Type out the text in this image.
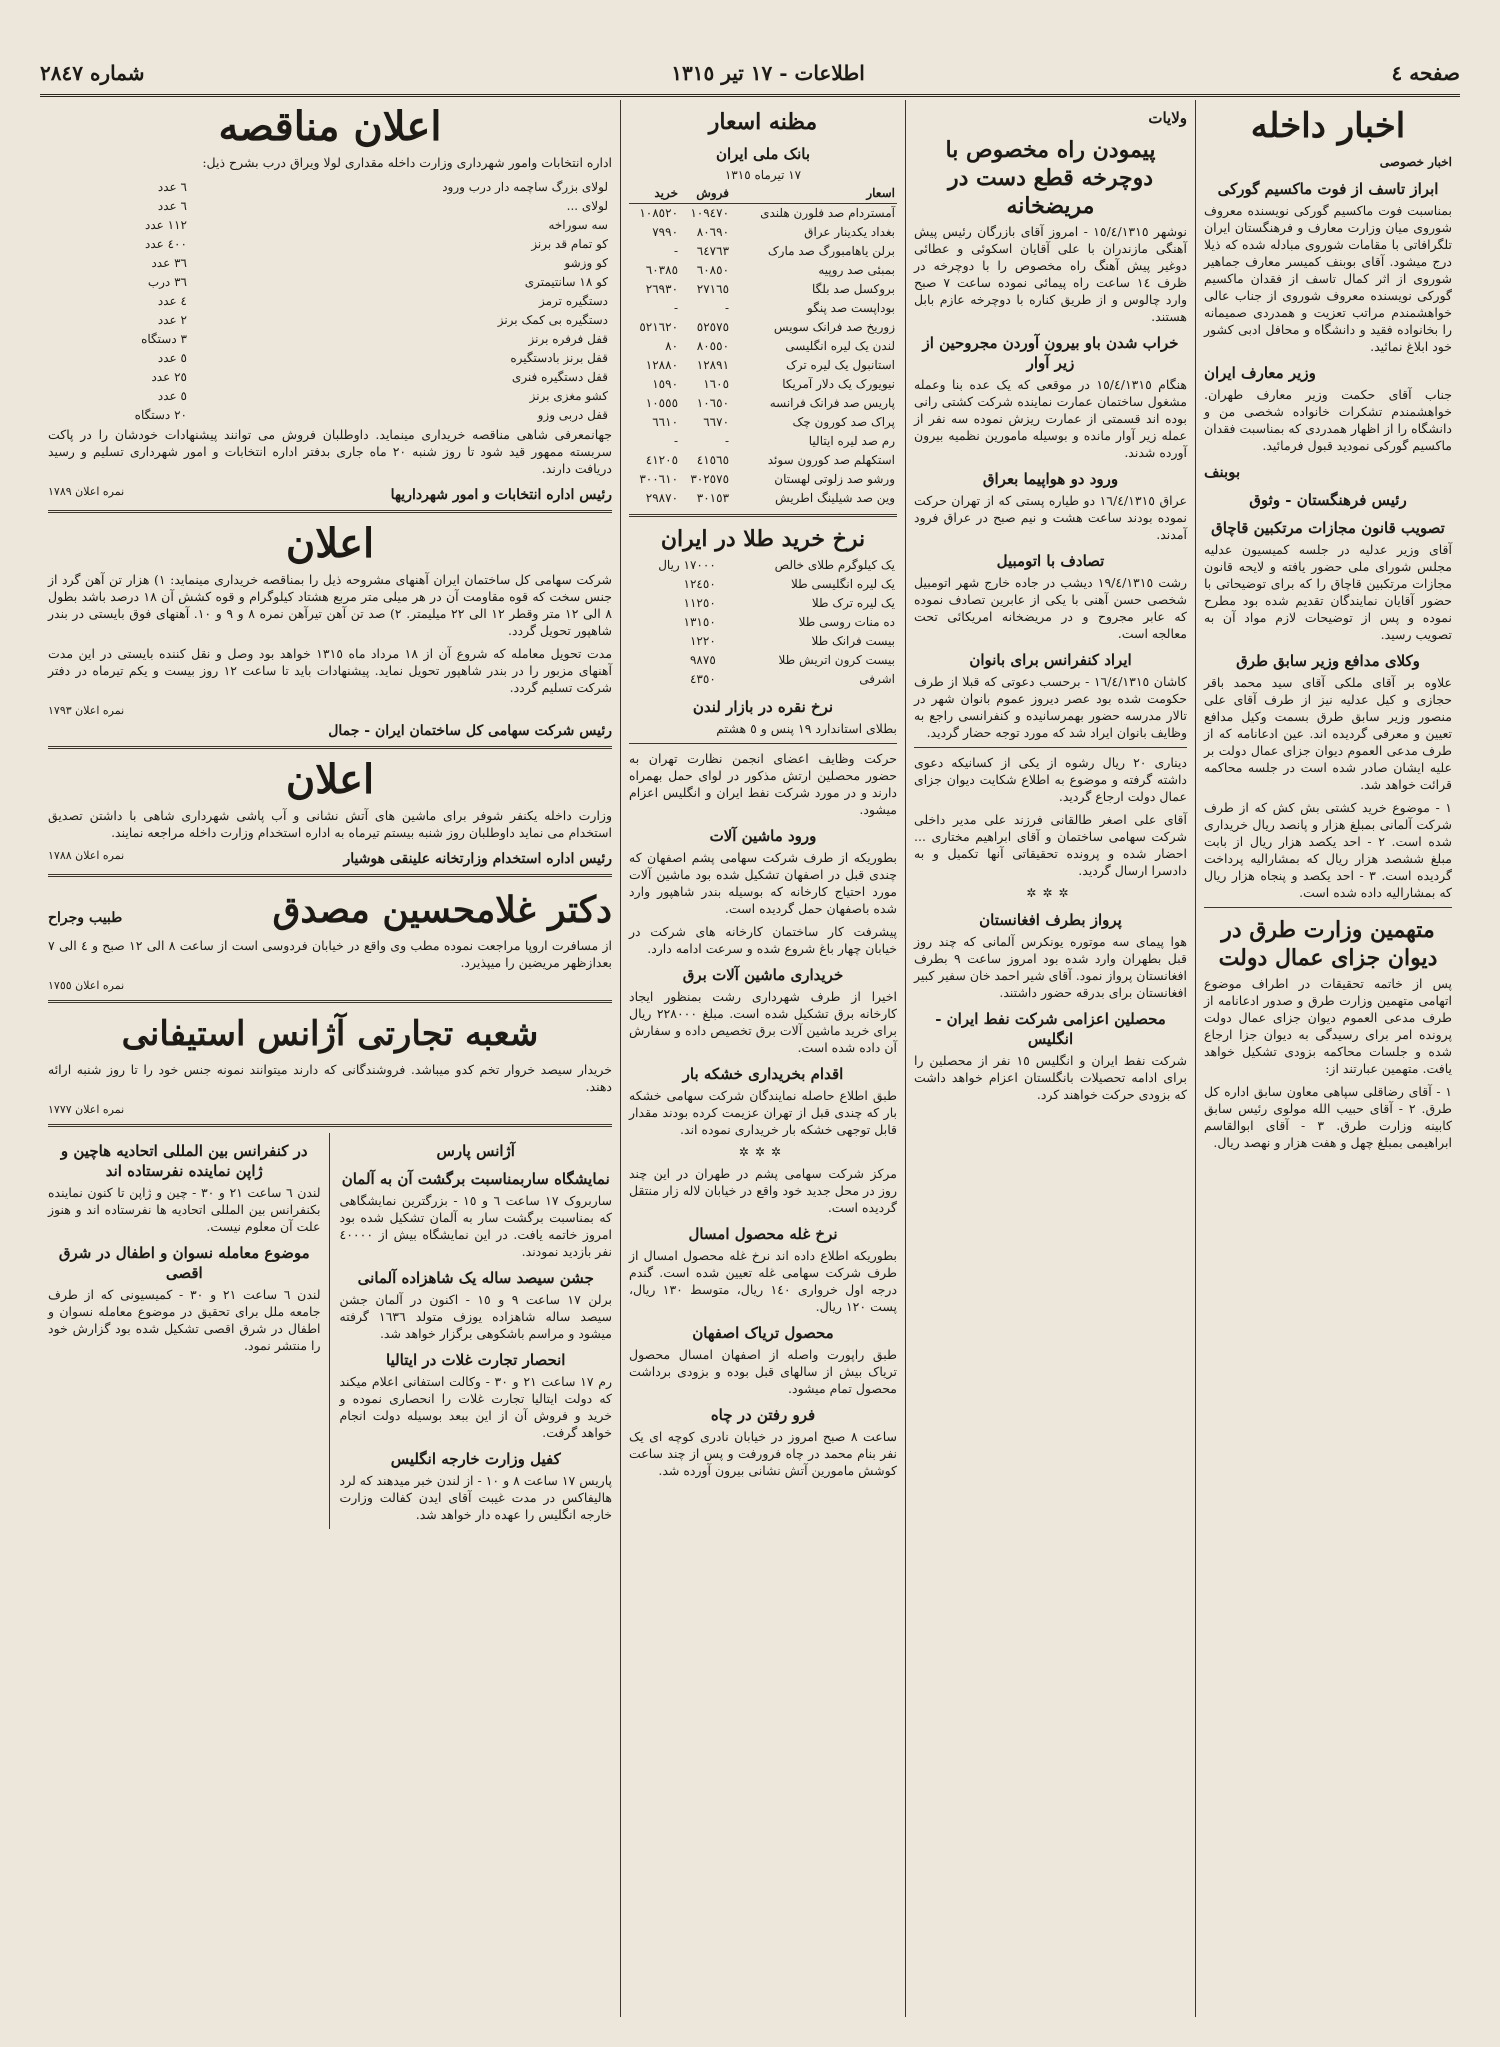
صفحه ٤
اطلاعات - ١٧ تیر ١٣١٥
شماره ٢٨٤٧
اخبار داخله
اخبار خصوصی
ابراز تاسف از فوت ماکسیم گورکی

بمناسبت فوت ماکسیم گورکی نویسنده معروف شوروی میان وزارت معارف و فرهنگستان ایران تلگرافاتی با مقامات شوروی مبادله شده که ذیلا درج میشود. آقای بوبنف کمیسر معارف جماهیر شوروی از اثر کمال تاسف از فقدان ماکسیم گورکی نویسنده معروف شوروی از جناب عالی خواهشمندم مراتب تعزیت و همدردی صمیمانه را بخانواده فقید و دانشگاه و محافل ادبی کشور خود ابلاغ نمائید.

وزیر معارف ایران

جناب آقای حکمت وزیر معارف طهران. خواهشمندم تشکرات خانواده شخصی من و دانشگاه را از اظهار همدردی که بمناسبت فقدان ماکسیم گورکی نمودید قبول فرمائید.

بوبنف
رئیس فرهنگستان - وثوق
تصویب قانون مجازات مرتکبین قاچاق

آقای وزیر عدلیه در جلسه کمیسیون عدلیه مجلس شورای ملی حضور یافته و لایحه قانون مجازات مرتکبین قاچاق را که برای توضیحاتی با حضور آقایان نمایندگان تقدیم شده بود مطرح نموده و پس از توضیحات لازم مواد آن به تصویب رسید.

وکلای مدافع وزیر سابق طرق

علاوه بر آقای ملکی آقای سید محمد باقر حجازی و کیل عدلیه نیز از طرف آقای علی منصور وزیر سابق طرق بسمت وکیل مدافع تعیین و معرفی گردیده اند. عین ادعانامه که از طرف مدعی العموم دیوان جزای عمال دولت بر علیه ایشان صادر شده است در جلسه محاکمه قرائت خواهد شد.

١ - موضوع خرید کشتی بش کش که از طرف شرکت آلمانی بمبلغ هزار و پانصد ریال خریداری شده است. ٢ - احد یکصد هزار ریال از بابت مبلغ ششصد هزار ریال که بمشارالیه پرداخت گردیده است. ٣ - احد یکصد و پنجاه هزار ریال که بمشارالیه داده شده است.

متهمین وزارت طرق در دیوان جزای عمال دولت

پس از خاتمه تحقیقات در اطراف موضوع اتهامی متهمین وزارت طرق و صدور ادعانامه از طرف مدعی العموم دیوان جزای عمال دولت پرونده امر برای رسیدگی به دیوان جزا ارجاع شده و جلسات محاکمه بزودی تشکیل خواهد یافت. متهمین عبارتند از:

١ - آقای رضاقلی سپاهی معاون سابق اداره کل طرق. ٢ - آقای حبیب الله مولوی رئیس سابق کابینه وزارت طرق. ٣ - آقای ابوالقاسم ابراهیمی بمبلغ چهل و هفت هزار و نهصد ریال.

ولایات
پیمودن راه مخصوص با دوچرخه قطع دست در مریضخانه

نوشهر ١٥/٤/١٣١٥ - امروز آقای بازرگان رئیس پیش آهنگی مازندران با علی آقایان اسکوئی و عطائی دوغیر پیش آهنگ راه مخصوص را با دوچرخه در ظرف ١٤ ساعت راه پیمائی نموده ساعت ٧ صبح وارد چالوس و از طریق کناره با دوچرخه عازم بابل هستند.

خراب شدن باو بیرون آوردن مجروحین از زیر آوار

هنگام ١٥/٤/١٣١٥ در موقعی که یک عده بنا وعمله مشغول ساختمان عمارت نماینده شرکت کشتی رانی بوده اند قسمتی از عمارت ریزش نموده سه نفر از عمله زیر آوار مانده و بوسیله مامورین نظمیه بیرون آورده شدند.

ورود دو هواپیما بعراق

عراق ١٦/٤/١٣١٥ دو طیاره پستی که از تهران حرکت نموده بودند ساعت هشت و نیم صبح در عراق فرود آمدند.

تصادف با اتومبیل

رشت ١٩/٤/١٣١٥ دیشب در جاده خارج شهر اتومبیل شخصی حسن آهنی با یکی از عابرین تصادف نموده که عابر مجروح و در مریضخانه امریکائی تحت معالجه است.

ایراد کنفرانس برای بانوان

کاشان ١٦/٤/١٣١٥ - برحسب دعوتی که قبلا از طرف حکومت شده بود عصر دیروز عموم بانوان شهر در تالار مدرسه حضور بهمرسانیده و کنفرانسی راجع به وظایف بانوان ایراد شد که مورد توجه حضار گردید.

دیناری ٢٠ ریال رشوه از یکی از کسانیکه دعوی داشته گرفته و موضوع به اطلاع شکایت دیوان جزای عمال دولت ارجاع گردید.

آقای علی اصغر طالقانی فرزند علی مدیر داخلی شرکت سهامی ساختمان و آقای ابراهیم مختاری ... احضار شده و پرونده تحقیقاتی آنها تکمیل و به دادسرا ارسال گردید.

✲✲✲
پرواز بطرف افغانستان

هوا پیمای سه موتوره یونکرس آلمانی که چند روز قبل بطهران وارد شده بود امروز ساعت ٩ بطرف افغانستان پرواز نمود. آقای شیر احمد خان سفیر کبیر افغانستان برای بدرقه حضور داشتند.

محصلین اعزامی شرکت نفط ایران - انگلیس

شرکت نفط ایران و انگلیس ١٥ نفر از محصلین را برای ادامه تحصیلات بانگلستان اعزام خواهد داشت که بزودی حرکت خواهند کرد.

مظنه اسعار
بانک ملی ایران
١٧ تیرماه ١٣١٥
اسعار	فروش	خرید
آمستردام صد فلورن هلندی	١٠٩٤٧٠	١٠٨٥٢٠
بغداد یکدینار عراق	٨٠٦٩٠	٧٩٩٠
برلن یاهامبورگ صد مارک	٦٤٧٦٣	-
بمبئی صد روپیه	٦٠٨٥٠	٦٠٣٨٥
بروکسل صد بلگا	٢٧١٦٥	٢٦٩٣٠
بوداپست صد پنگو	-	-
زوریخ صد فرانک سویس	٥٢٥٧٥	٥٢١٦٢٠
لندن یک لیره انگلیسی	٨٠٥٥٠	٨٠
استانبول یک لیره ترک	١٢٨٩١	١٢٨٨٠
نیویورک یک دلار آمریکا	١٦٠٥	١٥٩٠
پاریس صد فرانک فرانسه	١٠٦٥٠	١٠٥٥٥
پراک صد کورون چک	٦٦٧٠	٦٦١٠
رم صد لیره ایتالیا	-	-
استکهلم صد کورون سوئد	٤١٥٦٥	٤١٢٠٥
ورشو صد زلوتی لهستان	٣٠٢٥٧٥	٣٠٠٦١٠
وین صد شیلینگ اطریش	٣٠١٥٣	٢٩٨٧٠
نرخ خرید طلا در ایران
یک کیلوگرم طلای خالص	١٧٠٠٠ ریال
یک لیره انگلیسی طلا	١٢٤٥٠
یک لیره ترک طلا	١١٢٥٠
ده منات روسی طلا	١٣١٥٠
بیست فرانک طلا	١٢٢٠
بیست کرون اتریش طلا	٩٨٧٥
اشرفی	٤٣٥٠
نرخ نقره در بازار لندن

بطلای استاندارد ١٩ پنس و ٥ هشتم

حرکت وظایف اعضای انجمن نظارت تهران به حضور محصلین ارتش مذکور در لوای حمل بهمراه دارند و در مورد شرکت نفط ایران و انگلیس اعزام میشود.

ورود ماشین آلات

بطوریکه از طرف شرکت سهامی پشم اصفهان که چندی قبل در اصفهان تشکیل شده بود ماشین آلات مورد احتیاج کارخانه که بوسیله بندر شاهپور وارد شده باصفهان حمل گردیده است.

پیشرفت کار ساختمان کارخانه های شرکت در خیابان چهار باغ شروع شده و سرعت ادامه دارد.

خریداری ماشین آلات برق

اخیرا از طرف شهرداری رشت بمنظور ایجاد کارخانه برق تشکیل شده است. مبلغ ٢٢٨٠٠٠ ریال برای خرید ماشین آلات برق تخصیص داده و سفارش آن داده شده است.

اقدام بخریداری خشکه بار

طبق اطلاع حاصله نمایندگان شرکت سهامی خشکه بار که چندی قبل از تهران عزیمت کرده بودند مقدار قابل توجهی خشکه بار خریداری نموده اند.

✲✲✲

مرکز شرکت سهامی پشم در طهران در این چند روز در محل جدید خود واقع در خیابان لاله زار منتقل گردیده است.

نرخ غله محصول امسال

بطوریکه اطلاع داده اند نرخ غله محصول امسال از طرف شرکت سهامی غله تعیین شده است. گندم درجه اول خرواری ١٤٠ ریال، متوسط ١٣٠ ریال، پست ١٢٠ ریال.

محصول تریاک اصفهان

طبق راپورت واصله از اصفهان امسال محصول تریاک بیش از سالهای قبل بوده و بزودی برداشت محصول تمام میشود.

فرو رفتن در چاه

ساعت ٨ صبح امروز در خیابان نادری کوچه ای یک نفر بنام محمد در چاه فرورفت و پس از چند ساعت کوشش مامورین آتش نشانی بیرون آورده شد.

اعلان مناقصه

اداره انتخابات وامور شهرداری وزارت داخله مقداری لولا ویراق درب بشرح ذیل:

لولای بزرگ ساچمه دار درب ورود	٦ عدد
لولای ...	٦ عدد
سه سوراخه	١١٢ عدد
کو تمام قد برنز	٤٠٠ عدد
کو وزشو	٣٦ عدد
کو ١٨ سانتیمتری	٣٦ درب
دستگیره ترمز	٤ عدد
دستگیره بی کمک برنز	٢ عدد
قفل فرفره برنز	٣ دستگاه
قفل برنز بادستگیره	٥ عدد
قفل دستگیره فنری	٢٥ عدد
کشو مغزی برنز	٥ عدد
قفل دربی وزو	٢٠ دستگاه

جهانمعرفی شاهی مناقصه خریداری مینماید. داوطلبان فروش می توانند پیشنهادات خودشان را در پاکت سربسته ممهور قید شود تا روز شنبه ٢٠ ماه جاری بدفتر اداره انتخابات و امور شهرداری تسلیم و رسید دریافت دارند.

رئیس اداره انتخابات و امور شهرداریها
نمره اعلان ١٧٨٩
اعلان

شرکت سهامی کل ساختمان ایران آهنهای مشروحه ذیل را بمناقصه خریداری مینماید: ١) هزار تن آهن گرد از جنس سخت که قوه مقاومت آن در هر میلی متر مربع هشتاد کیلوگرام و قوه کشش آن ١٨ درصد باشد بطول ٨ الی ١٢ متر وقطر ١٢ الی ٢٢ میلیمتر. ٢) صد تن آهن تیرآهن نمره ٨ و ٩ و ١٠. آهنهای فوق بایستی در بندر شاهپور تحویل گردد.

مدت تحویل معامله که شروع آن از ١٨ مرداد ماه ١٣١٥ خواهد بود وصل و نقل کننده بایستی در این مدت آهنهای مزبور را در بندر شاهپور تحویل نماید. پیشنهادات باید تا ساعت ١٢ روز بیست و یکم تیرماه در دفتر شرکت تسلیم گردد.

نمره اعلان ١٧٩٣
رئیس شرکت سهامی کل ساختمان ایران - جمال
اعلان

وزارت داخله یکنفر شوفر برای ماشین های آتش نشانی و آب پاشی شهرداری شاهی با داشتن تصدیق استخدام می نماید داوطلبان روز شنبه بیستم تیرماه به اداره استخدام وزارت داخله مراجعه نمایند.

رئیس اداره استخدام وزارتخانه علینقی هوشیار
نمره اعلان ١٧٨٨
دکتر غلامحسین مصدق
طبیب وجراح

از مسافرت اروپا مراجعت نموده مطب وی واقع در خیابان فردوسی است از ساعت ٨ الی ١٢ صبح و ٤ الی ٧ بعدازظهر مریضین را میپذیرد.

نمره اعلان ١٧٥٥
شعبه تجارتی آژانس استیفانی

خریدار سیصد خروار تخم کدو میباشد. فروشندگانی که دارند میتوانند نمونه جنس خود را تا روز شنبه ارائه دهند.

نمره اعلان ١٧٧٧
آژانس پارس
نمایشگاه ساربمناسبت برگشت آن به آلمان

ساربروک ١٧ ساعت ٦ و ١٥ - بزرگترین نمایشگاهی که بمناسبت برگشت سار به آلمان تشکیل شده بود امروز خاتمه یافت. در این نمایشگاه بیش از ٤٠٠٠٠ نفر بازدید نمودند.

جشن سیصد ساله یک شاهزاده آلمانی

برلن ١٧ ساعت ٩ و ١٥ - اکنون در آلمان جشن سیصد ساله شاهزاده یوزف متولد ١٦٣٦ گرفته میشود و مراسم باشکوهی برگزار خواهد شد.

انحصار تجارت غلات در ایتالیا

رم ١٧ ساعت ٢١ و ٣٠ - وکالت استفانی اعلام میکند که دولت ایتالیا تجارت غلات را انحصاری نموده و خرید و فروش آن از این ببعد بوسیله دولت انجام خواهد گرفت.

کفیل وزارت خارجه انگلیس

پاریس ١٧ ساعت ٨ و ١٠ - از لندن خبر میدهند که لرد هالیفاکس در مدت غیبت آقای ایدن کفالت وزارت خارجه انگلیس را عهده دار خواهد شد.

در کنفرانس بین المللی اتحادیه هاچین و ژاپن نماینده نفرستاده اند

لندن ٦ ساعت ٢١ و ٣٠ - چین و ژاپن تا کنون نماینده بکنفرانس بین المللی اتحادیه ها نفرستاده اند و هنوز علت آن معلوم نیست.

موضوع معامله نسوان و اطفال در شرق اقصی

لندن ٦ ساعت ٢١ و ٣٠ - کمیسیونی که از طرف جامعه ملل برای تحقیق در موضوع معامله نسوان و اطفال در شرق اقصی تشکیل شده بود گزارش خود را منتشر نمود.
